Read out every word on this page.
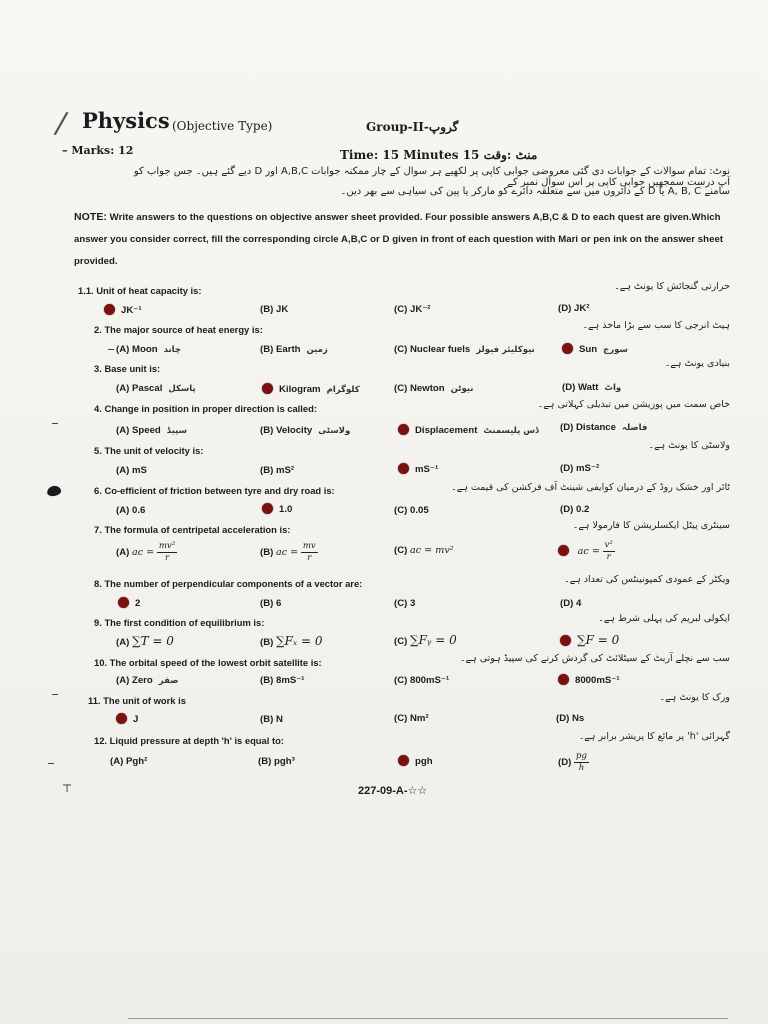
/ Physics (Objective Type)	Group-II-گروپ
– Marks: 12	Time: 15 Minutes 15 منٹ :وقت
نوٹ: تمام سوالات کے جوابات دی گئی معروضی جوابی کاپی پر لکھیے ہر سوال کے چار ممکنہ جوابات A,B,C اور D دیے گئے ہیں۔ جس جواب کو آپ درست سمجھیں جوابی کاپی پر اس سوال نمبر کے
سامنے A, B, C یا D کے دائروں میں سے متعلقہ دائرے کو مارکر یا پین کی سیاہی سے بھر دیں۔
NOTE: Write answers to the questions on objective answer sheet provided. Four possible answers A,B,C & D to each quest are given.Which answer you consider correct, fill the corresponding circle A,B,C or D given in front of each question with Mari or pen ink on the answer sheet provided.
1.1. Unit of heat capacity is:	حرارتی گنجائش کا یونٹ ہے۔
JK⁻¹	(B) JK	(C) JK⁻²	(D) JK²
2. The major source of heat energy is:	ہیٹ انرجی کا سب سے بڑا ماخذ ہے۔
(A) Moon چاند	(B) Earth زمین	(C) Nuclear fuels نیوکلیئر فیولز	Sun سورج
3. Base unit is:	بنیادی یونٹ ہے۔
(A) Pascal پاسکل	Kilogram کلوگرام	(C) Newton نیوٹن	(D) Watt واٹ
4. Change in position in proper direction is called:	خاص سمت میں پوزیشن میں تبدیلی کہلاتی ہے۔
(A) Speed سپیڈ	(B) Velocity ولاسٹی	Displacement ڈس پلیسمنٹ (D) Distance فاصلہ
5. The unit of velocity is:	ولاسٹی کا یونٹ ہے۔
(A) mS	(B) mS²	mS⁻¹	(D) mS⁻²
6. Co-efficient of friction between tyre and dry road is:	ٹائر اور خشک روڈ کے درمیان کوایفی شینٹ آف فرکشن کی قیمت ہے۔
(A) 0.6	1.0	(C) 0.05	(D) 0.2
7. The formula of centripetal acceleration is:	سینٹری پیٹل ایکسلریشن کا فارمولا ہے۔
(A) ac = $\frac{\text{mv²}}{r}$	(B) ac = $\frac{mv}{r}$	(C) ac = mv²	ac = $\frac{\text{v²}}{r}$
8. The number of perpendicular components of a vector are:	ویکٹر کے عمودی کمپونینٹس کی تعداد ہے۔
2	(B) 6	(C) 3	(D) 4
9. The first condition of equilibrium is:	ایکولی لبریم کی پہلی شرط ہے۔
(A) ∑T = 0	(B) ∑Fₓ = 0	(C) ∑Fᵧ = 0	∑F = 0
10. The orbital speed of the lowest orbit satellite is:	سب سے نچلے آربٹ کے سیٹلائٹ کی گردش کرنے کی سپیڈ ہوتی ہے۔
(A) Zero صفر	(B) 8mS⁻¹	(C) 800mS⁻¹	8000mS⁻¹
11. The unit of work is	ورک کا یونٹ ہے۔
J	(B) N	(C) Nm²	(D) Ns
12. Liquid pressure at depth 'h' is equal to:	گہرائی 'h' پر مائع کا پریشر برابر ہے۔
(A) Pgh²	(B) pgh³	pgh	$(D) \frac{pg}{h}$
227-09-A-☆☆
⊤
